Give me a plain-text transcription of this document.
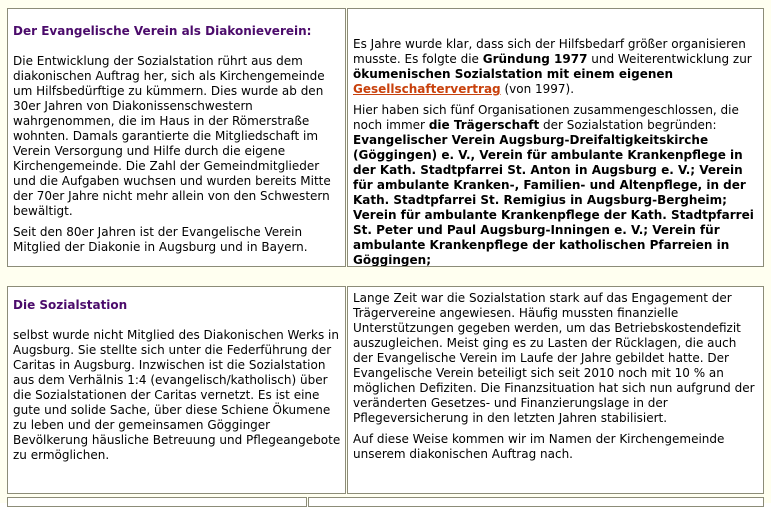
Der Evangelische Verein als Diakonieverein:

Die Entwicklung der Sozialstation rührt aus dem diakonischen Auftrag her, sich als Kirchengemeinde um Hilfsbedürftige zu kümmern. Dies wurde ab den 30er Jahren von Diakonissenschwestern wahrgenommen, die im Haus in der Römerstraße wohnten. Damals garantierte die Mitgliedschaft im Verein Versorgung und Hilfe durch die eigene Kirchengemeinde. Die Zahl der Gemeindmitglieder und die Aufgaben wuchsen und wurden bereits Mitte der 70er Jahre nicht mehr allein von den Schwestern bewältigt.

Seit den 80er Jahren ist der Evangelische Verein Mitglied der Diakonie in Augsburg und in Bayern.

Es Jahre wurde klar, dass sich der Hilfsbedarf größer organisieren musste. Es folgte die Gründung 1977 und Weiterentwicklung zur ökumenischen Sozialstation mit einem eigenen Gesellschaftervertrag (von 1997).

Hier haben sich fünf Organisationen zusammengeschlossen, die noch immer die Trägerschaft der Sozialstation begründen: Evangelischer Verein Augsburg-Dreifaltigkeitskirche (Göggingen) e. V., Verein für ambulante Krankenpflege in der Kath. Stadtpfarrei St. Anton in Augsburg e. V.; Verein für ambulante Kranken-, Familien- und Altenpflege, in der Kath. Stadtpfarrei St. Remigius in Augsburg-Bergheim; Verein für ambulante Krankenpflege der Kath. Stadtpfarrei St. Peter und Paul Augsburg-Inningen e. V.; Verein für ambulante Krankenpflege der katholischen Pfarreien in Göggingen;

Die Sozialstation

selbst wurde nicht Mitglied des Diakonischen Werks in Augsburg. Sie stellte sich unter die Federführung der Caritas in Augsburg. Inzwischen ist die Sozialstation aus dem Verhälnis 1:4 (evangelisch/katholisch) über die Sozialstationen der Caritas vernetzt. Es ist eine gute und solide Sache, über diese Schiene Ökumene zu leben und der gemeinsamen Gögginger Bevölkerung häusliche Betreuung und Pflegeangebote zu ermöglichen.

Lange Zeit war die Sozialstation stark auf das Engagement der Trägervereine angewiesen. Häufig mussten finanzielle Unterstützungen gegeben werden, um das Betriebskostendefizit auszugleichen. Meist ging es zu Lasten der Rücklagen, die auch der Evangelische Verein im Laufe der Jahre gebildet hatte. Der Evangelische Verein beteiligt sich seit 2010 noch mit 10 % an möglichen Defiziten. Die Finanzsituation hat sich nun aufgrund der veränderten Gesetzes- und Finanzierungslage in der Pflegeversicherung in den letzten Jahren stabilisiert.

Auf diese Weise kommen wir im Namen der Kirchengemeinde unserem diakonischen Auftrag nach.
